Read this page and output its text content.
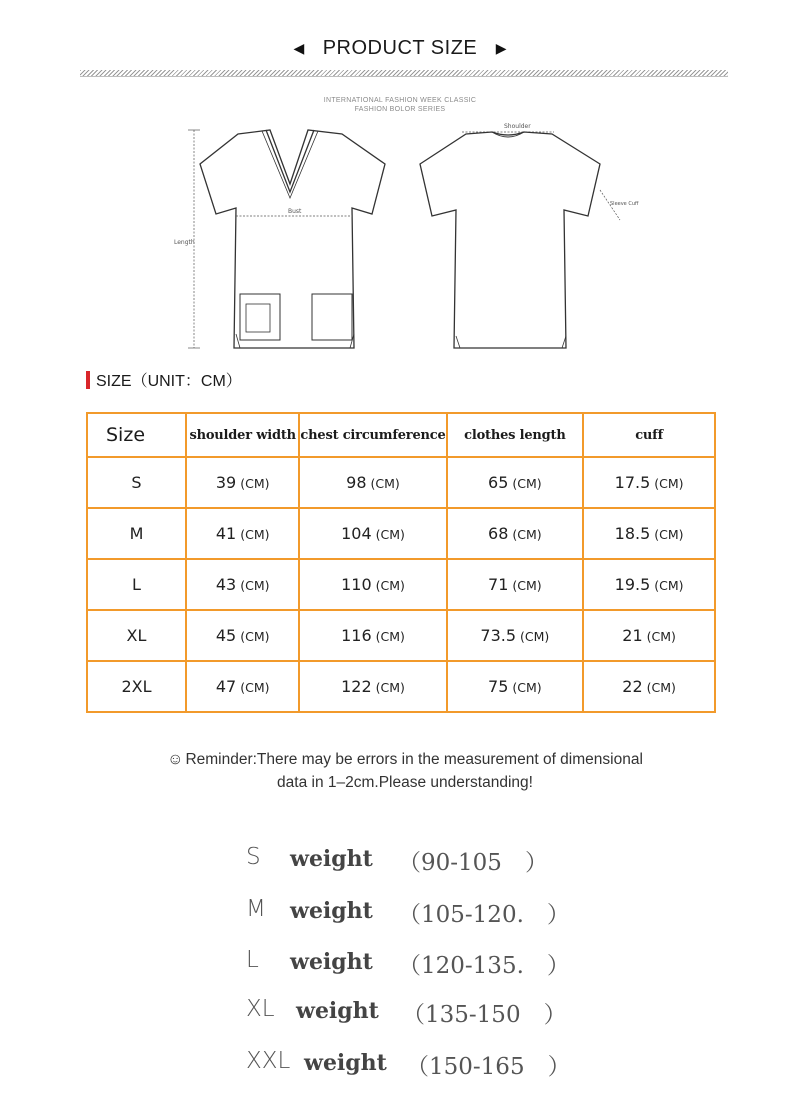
◀ PRODUCT SIZE ▶
INTERNATIONAL FASHION WEEK CLASSIC
FASHION BOLOR SERIES
Bust
Length
Shoulder
Sleeve Cuff
SIZE（UNIT：CM）
Size	shoulder width	chest circumference	clothes length	cuff
S	39 (CM)	98 (CM)	65 (CM)	17.5 (CM)
M	41 (CM)	104 (CM)	68 (CM)	18.5 (CM)
L	43 (CM)	110 (CM)	71 (CM)	19.5 (CM)
XL	45 (CM)	116 (CM)	73.5 (CM)	21 (CM)
2XL	47 (CM)	122 (CM)	75 (CM)	22 (CM)
☺ Reminder:There may be errors in the measurement of dimensional
data in 1–2cm.Please understanding!
S weight （90-105　）
M weight （105-120.　）
L weight （120-135.　）
XL weight （135-150　）
XXL weight （150-165　）
